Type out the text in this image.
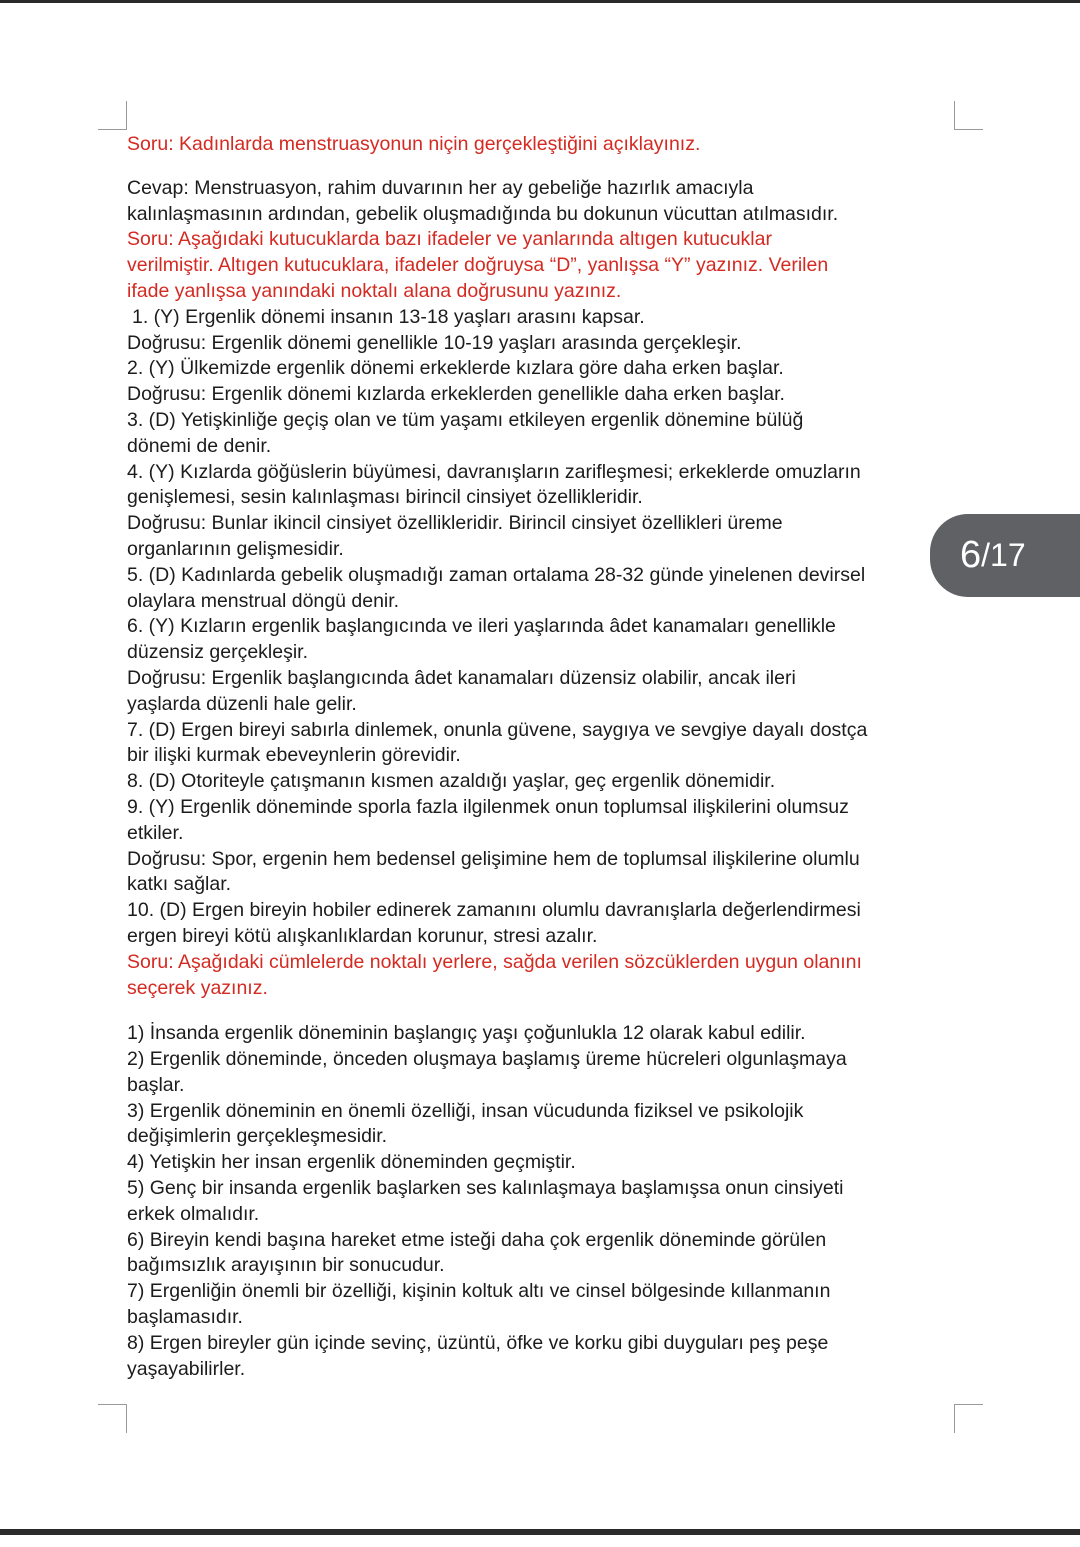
Soru: Kadınlarda menstruasyonun niçin gerçekleştiğini açıklayınız.

Cevap: Menstruasyon, rahim duvarının her ay gebeliğe hazırlık amacıyla

kalınlaşmasının ardından, gebelik oluşmadığında bu dokunun vücuttan atılmasıdır.

Soru: Aşağıdaki kutucuklarda bazı ifadeler ve yanlarında altıgen kutucuklar

verilmiştir. Altıgen kutucuklara, ifadeler doğruysa “D”, yanlışsa “Y” yazınız. Verilen

ifade yanlışsa yanındaki noktalı alana doğrusunu yazınız.

1. (Y) Ergenlik dönemi insanın 13-18 yaşları arasını kapsar.

Doğrusu: Ergenlik dönemi genellikle 10-19 yaşları arasında gerçekleşir.

2. (Y) Ülkemizde ergenlik dönemi erkeklerde kızlara göre daha erken başlar.

Doğrusu: Ergenlik dönemi kızlarda erkeklerden genellikle daha erken başlar.

3. (D) Yetişkinliğe geçiş olan ve tüm yaşamı etkileyen ergenlik dönemine bülüğ

dönemi de denir.

4. (Y) Kızlarda göğüslerin büyümesi, davranışların zarifleşmesi; erkeklerde omuzların

genişlemesi, sesin kalınlaşması birincil cinsiyet özellikleridir.

Doğrusu: Bunlar ikincil cinsiyet özellikleridir. Birincil cinsiyet özellikleri üreme

organlarının gelişmesidir.

5. (D) Kadınlarda gebelik oluşmadığı zaman ortalama 28-32 günde yinelenen devirsel

olaylara menstrual döngü denir.

6. (Y) Kızların ergenlik başlangıcında ve ileri yaşlarında âdet kanamaları genellikle

düzensiz gerçekleşir.

Doğrusu: Ergenlik başlangıcında âdet kanamaları düzensiz olabilir, ancak ileri

yaşlarda düzenli hale gelir.

7. (D) Ergen bireyi sabırla dinlemek, onunla güvene, saygıya ve sevgiye dayalı dostça

bir ilişki kurmak ebeveynlerin görevidir.

8. (D) Otoriteyle çatışmanın kısmen azaldığı yaşlar, geç ergenlik dönemidir.

9. (Y) Ergenlik döneminde sporla fazla ilgilenmek onun toplumsal ilişkilerini olumsuz

etkiler.

Doğrusu: Spor, ergenin hem bedensel gelişimine hem de toplumsal ilişkilerine olumlu

katkı sağlar.

10. (D) Ergen bireyin hobiler edinerek zamanını olumlu davranışlarla değerlendirmesi

ergen bireyi kötü alışkanlıklardan korunur, stresi azalır.

Soru: Aşağıdaki cümlelerde noktalı yerlere, sağda verilen sözcüklerden uygun olanını

seçerek yazınız.

1) İnsanda ergenlik döneminin başlangıç yaşı çoğunlukla 12 olarak kabul edilir.

2) Ergenlik döneminde, önceden oluşmaya başlamış üreme hücreleri olgunlaşmaya

başlar.

3) Ergenlik döneminin en önemli özelliği, insan vücudunda fiziksel ve psikolojik

değişimlerin gerçekleşmesidir.

4) Yetişkin her insan ergenlik döneminden geçmiştir.

5) Genç bir insanda ergenlik başlarken ses kalınlaşmaya başlamışsa onun cinsiyeti

erkek olmalıdır.

6) Bireyin kendi başına hareket etme isteği daha çok ergenlik döneminde görülen

bağımsızlık arayışının bir sonucudur.

7) Ergenliğin önemli bir özelliği, kişinin koltuk altı ve cinsel bölgesinde kıllanmanın

başlamasıdır.

8) Ergen bireyler gün içinde sevinç, üzüntü, öfke ve korku gibi duyguları peş peşe

yaşayabilirler.

6 /17
